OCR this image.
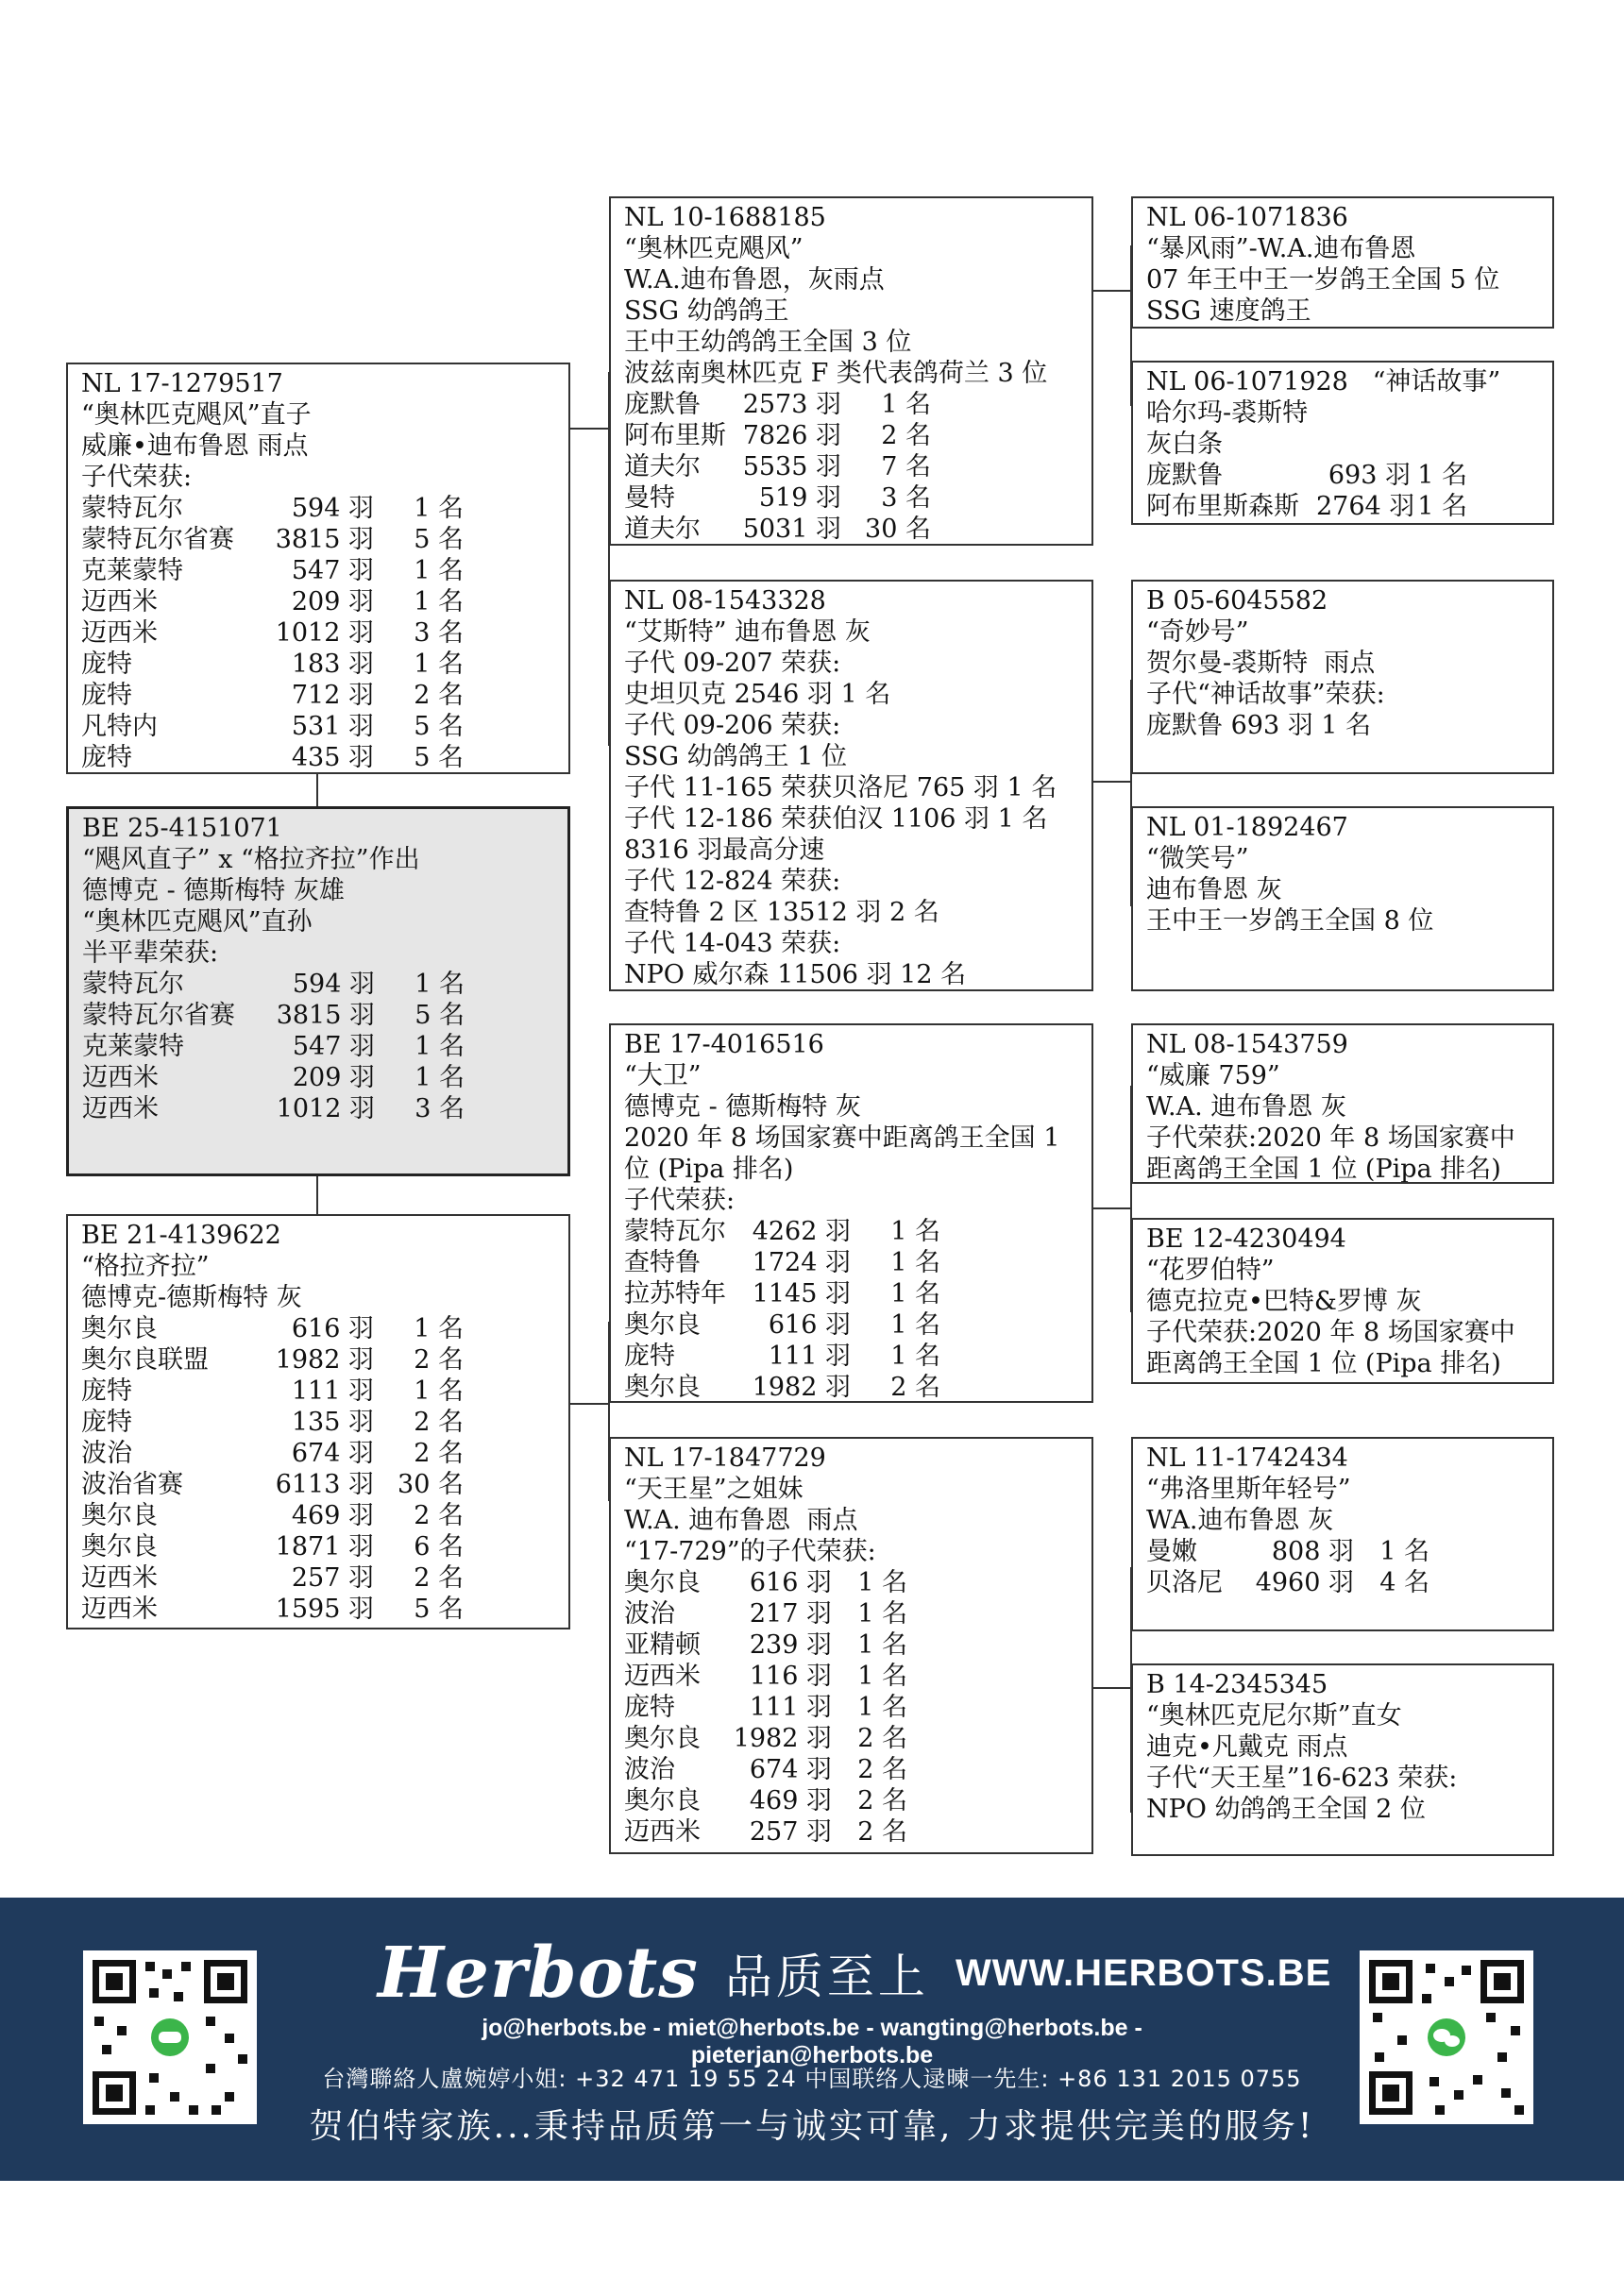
NL 17-1279517
“奥林匹克飓风”直子
威廉•迪布鲁恩 雨点
子代荣获:
蒙特瓦尔	594 羽	1 名
蒙特瓦尔省赛	3815 羽	5 名
克莱蒙特	547 羽	1 名
迈西米	209 羽	1 名
迈西米	1012 羽	3 名
庞特	183 羽	1 名
庞特	712 羽	2 名
凡特内	531 羽	5 名
庞特	435 羽	5 名
BE 25-4151071
“飓风直子” x “格拉齐拉”作出
德博克 - 德斯梅特 灰雄
“奥林匹克飓风”直孙
半平辈荣获:
蒙特瓦尔	594 羽	1 名
蒙特瓦尔省赛	3815 羽	5 名
克莱蒙特	547 羽	1 名
迈西米	209 羽	1 名
迈西米	1012 羽	3 名
BE 21-4139622
“格拉齐拉”
德博克-德斯梅特 灰
奥尔良	616 羽	1 名
奥尔良联盟	1982 羽	2 名
庞特	111 羽	1 名
庞特	135 羽	2 名
波治	674 羽	2 名
波治省赛	6113 羽 30 名
奥尔良	469 羽	2 名
奥尔良	1871 羽	6 名
迈西米	257 羽	2 名
迈西米	1595 羽	5 名
NL 10-1688185
“奥林匹克飓风”
W.A.迪布鲁恩，灰雨点
SSG 幼鸽鸽王
王中王幼鸽鸽王全国 3 位
波兹南奥林匹克 F 类代表鸽荷兰 3 位
庞默鲁	2573 羽	1 名
阿布里斯 7826 羽	2 名
道夫尔	5535 羽	7 名
曼特	519 羽	3 名
道夫尔	5031 羽 30 名
NL 08-1543328
“艾斯特” 迪布鲁恩 灰
子代 09-207 荣获:
史坦贝克 2546 羽 1 名
子代 09-206 荣获:
SSG 幼鸽鸽王 1 位
子代 11-165 荣获贝洛尼 765 羽 1 名
子代 12-186 荣获伯汉 1106 羽 1 名
8316 羽最高分速
子代 12-824 荣获:
查特鲁 2 区 13512 羽 2 名
子代 14-043 荣获:
NPO 威尔森 11506 羽 12 名
BE 17-4016516
“大卫”
德博克 - 德斯梅特 灰
2020 年 8 场国家赛中距离鸽王全国 1 位 (Pipa 排名)
子代荣获:
蒙特瓦尔	4262 羽	1 名
查特鲁	1724 羽	1 名
拉苏特年	1145 羽	1 名
奥尔良	616 羽	1 名
庞特	111 羽	1 名
奥尔良	1982 羽	2 名
NL 17-1847729
“天王星”之姐妹
W.A. 迪布鲁恩  雨点
“17-729”的子代荣获:
奥尔良	616 羽	1 名
波治	217 羽	1 名
亚精顿	239 羽	1 名
迈西米	116 羽	1 名
庞特	111 羽	1 名
奥尔良	1982 羽	2 名
波治	674 羽	2 名
奥尔良	469 羽	2 名
迈西米	257 羽	2 名
NL 06-1071836
“暴风雨”-W.A.迪布鲁恩
07 年王中王一岁鸽王全国 5 位
SSG 速度鸽王
NL 06-1071928   “神话故事”
哈尔玛-裘斯特
灰白条
庞默鲁	693 羽 1 名
阿布里斯森斯 2764 羽 1 名
B 05-6045582
“奇妙号”
贺尔曼-裘斯特  雨点
子代“神话故事”荣获:
庞默鲁 693 羽 1 名
NL 01-1892467
“微笑号”
迪布鲁恩 灰
王中王一岁鸽王全国 8 位
NL 08-1543759
“威廉 759”
W.A. 迪布鲁恩 灰
子代荣获:2020 年 8 场国家赛中
距离鸽王全国 1 位 (Pipa 排名)
BE 12-4230494
“花罗伯特”
德克拉克•巴特&罗博 灰
子代荣获:2020 年 8 场国家赛中
距离鸽王全国 1 位 (Pipa 排名)
NL 11-1742434
“弗洛里斯年轻号”
WA.迪布鲁恩 灰
曼嫩	808 羽	1 名
贝洛尼	4960 羽	4 名
B 14-2345345
“奥林匹克尼尔斯”直女
迪克•凡戴克 雨点
子代“天王星”16-623 荣获:
NPO 幼鸽鸽王全国 2 位
Herbots 品质至上 WWW.HERBOTS.BE
jo@herbots.be - miet@herbots.be - wangting@herbots.be - pieterjan@herbots.be
台灣聯絡人盧婉婷小姐: +32 471 19 55 24 中国联络人逯暕一先生: +86 131 2015 0755
贺伯特家族...秉持品质第一与诚实可靠, 力求提供完美的服务!
